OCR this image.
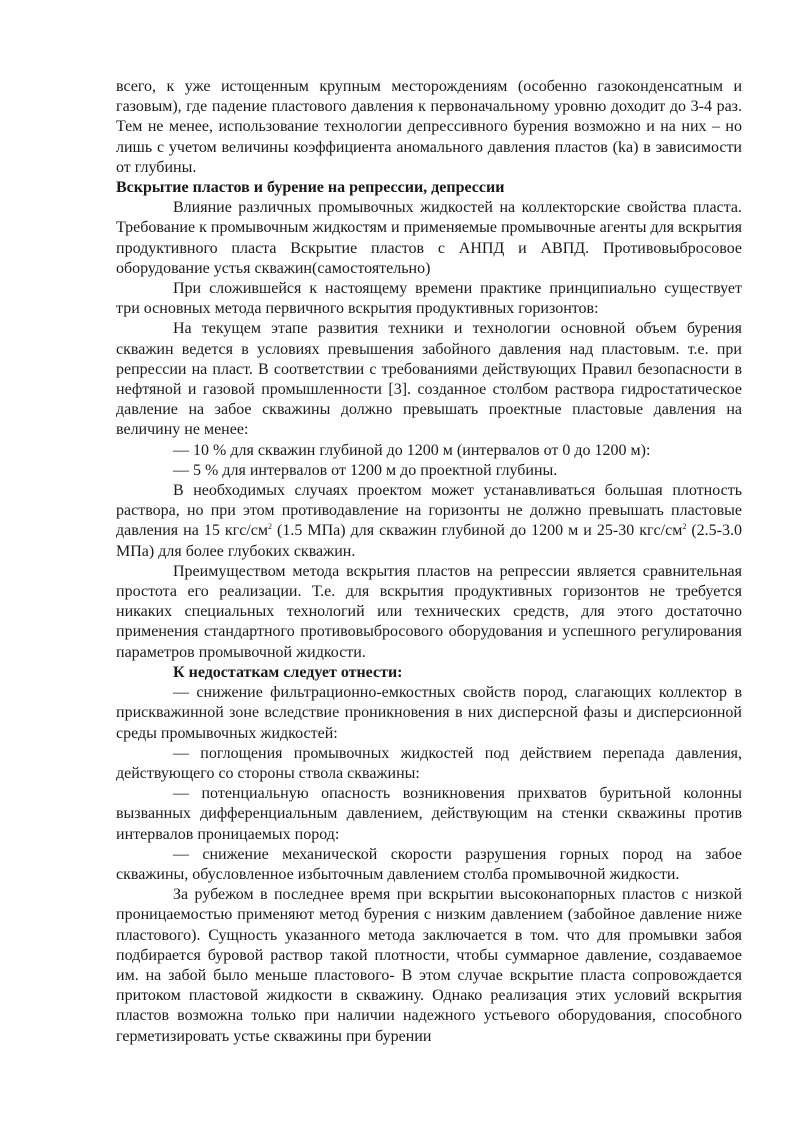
всего, к уже истощенным крупным месторождениям (особенно газоконденсатным и газовым), где падение пластового давления к первоначальному уровню доходит до 3-4 раз. Тем не менее, использование технологии депрессивного бурения возможно и на них – но лишь с учетом величины коэффициента аномального давления пластов (ka) в зависимости от глубины.

Вскрытие пластов и бурение на репрессии, депрессии

Влияние различных промывочных жидкостей на коллекторские свойства пласта. Требование к промывочным жидкостям и применяемые промывочные агенты для вскрытия продуктивного пласта Вскрытие пластов с АНПД и АВПД. Противовыбросовое оборудование устья скважин(самостоятельно)

При сложившейся к настоящему времени практике принципиально существует три основных метода первичного вскрытия продуктивных горизонтов:

На текущем этапе развития техники и технологии основной объем бурения скважин ведется в условиях превышения забойного давления над пластовым. т.е. при репрессии на пласт. В соответствии с требованиями действующих Правил безопасности в нефтяной и газовой промышленности [3]. созданное столбом раствора гидростатическое давление на забое скважины должно превышать проектные пластовые давления на величину не менее:

— 10 % для скважин глубиной до 1200 м (интервалов от 0 до 1200 м):

— 5 % для интервалов от 1200 м до проектной глубины.

В необходимых случаях проектом может устанавливаться большая плотность раствора, но при этом противодавление на горизонты не должно превышать пластовые давления на 15 кгс/$см^2$ (1.5 МПа) для скважин глубиной до 1200 м и 25-30 кгс/$см^2$ (2.5-3.0 МПа) для более глубоких скважин.

Преимуществом метода вскрытия пластов на репрессии является сравнительная простота его реализации. Т.е. для вскрытия продуктивных горизонтов не требуется никаких специальных технологий или технических средств, для этого достаточно применения стандартного противовыбросового оборудования и успешного регулирования параметров промывочной жидкости.

К недостаткам следует отнести:

— снижение фильтрационно-емкостных свойств пород, слагающих коллектор в прискважинной зоне вследствие проникновения в них дисперсной фазы и дисперсионной среды промывочных жидкостей:

— поглощения промывочных жидкостей под действием перепада давления, действующего со стороны ствола скважины:

— потенциальную опасность возникновения прихватов буритьной колонны вызванных дифференциальным давлением, действующим на стенки скважины против интервалов проницаемых пород:

— снижение механической скорости разрушения горных пород на забое скважины, обусловленное избыточным давлением столба промывочной жидкости.

За рубежом в последнее время при вскрытии высоконапорных пластов с низкой проницаемостью применяют метод бурения с низким давлением (забойное давление ниже пластового). Сущность указанного метода заключается в том. что для промывки забоя подбирается буровой раствор такой плотности, чтобы суммарное давление, создаваемое им. на забой было меньше пластового- В этом случае вскрытие пласта сопровождается притоком пластовой жидкости в скважину. Однако реализация этих условий вскрытия пластов возможна только при наличии надежного устьевого оборудования, способного герметизировать устье скважины при бурении
